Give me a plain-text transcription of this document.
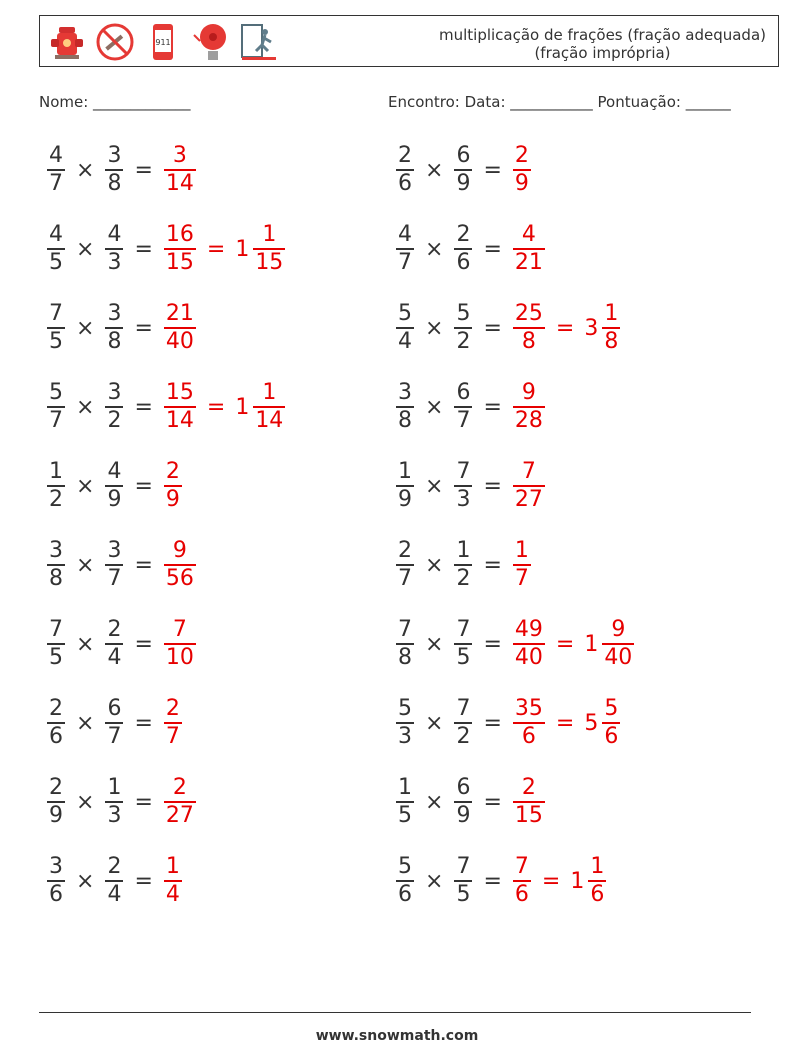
911	multiplicação de frações (fração adequada)
(fração imprópria)
Nome: _____________	Encontro: Data: ___________ Pontuação: ______
$\frac{4}{7} \times \frac{3}{8} = \frac{3}{14}$
$\frac{4}{5} \times \frac{4}{3} = \frac{16}{15} = 1 \frac{1}{15}$
$\frac{7}{5} \times \frac{3}{8} = \frac{21}{40}$
$\frac{5}{7} \times \frac{3}{2} = \frac{15}{14} = 1 \frac{1}{14}$
$\frac{1}{2} \times \frac{4}{9} = \frac{2}{9}$
$\frac{3}{8} \times \frac{3}{7} = \frac{9}{56}$
$\frac{7}{5} \times \frac{2}{4} = \frac{7}{10}$
$\frac{2}{6} \times \frac{6}{7} = \frac{2}{7}$
$\frac{2}{9} \times \frac{1}{3} = \frac{2}{27}$
$\frac{3}{6} \times \frac{2}{4} = \frac{1}{4}$
$\frac{2}{6} \times \frac{6}{9} = \frac{2}{9}$
$\frac{4}{7} \times \frac{2}{6} = \frac{4}{21}$
$\frac{5}{4} \times \frac{5}{2} = \frac{25}{8} = 3 \frac{1}{8}$
$\frac{3}{8} \times \frac{6}{7} = \frac{9}{28}$
$\frac{1}{9} \times \frac{7}{3} = \frac{7}{27}$
$\frac{2}{7} \times \frac{1}{2} = \frac{1}{7}$
$\frac{7}{8} \times \frac{7}{5} = \frac{49}{40} = 1 \frac{9}{40}$
$\frac{5}{3} \times \frac{7}{2} = \frac{35}{6} = 5 \frac{5}{6}$
$\frac{1}{5} \times \frac{6}{9} = \frac{2}{15}$
$\frac{5}{6} \times \frac{7}{5} = \frac{7}{6} = 1 \frac{1}{6}$
www.snowmath.com
